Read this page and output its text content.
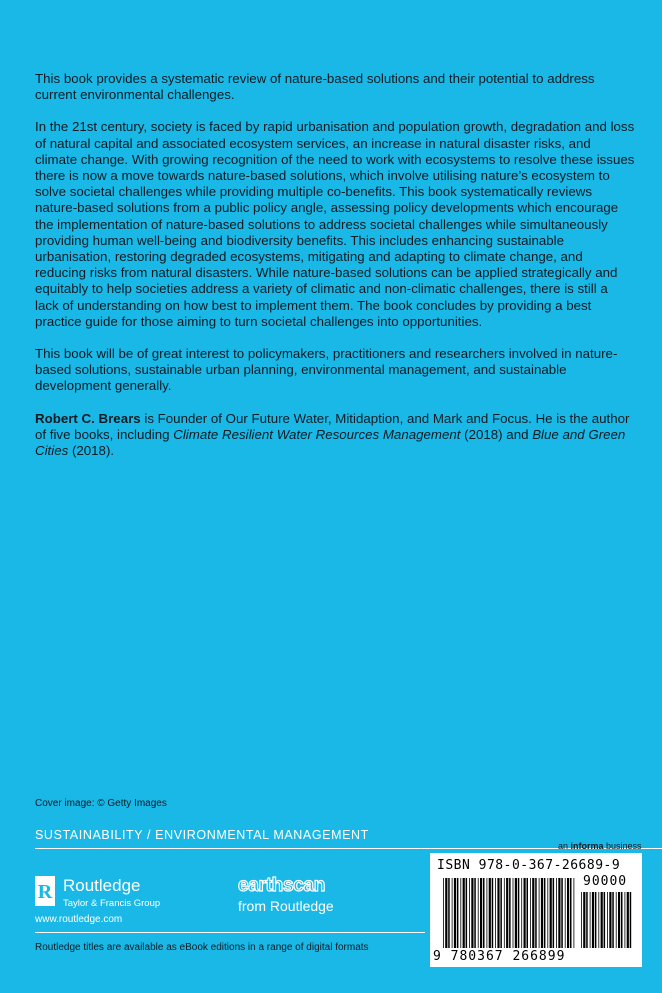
This book provides a systematic review of nature-based solutions and their potential to address current environmental challenges.

In the 21st century, society is faced by rapid urbanisation and population growth, degradation and loss of natural capital and associated ecosystem services, an increase in natural disaster risks, and climate change. With growing recognition of the need to work with ecosystems to resolve these issues there is now a move towards nature-based solutions, which involve utilising nature’s ecosystem to solve societal challenges while providing multiple co-benefits. This book systematically reviews nature-based solutions from a public policy angle, assessing policy developments which encourage the implementation of nature-based solutions to address societal challenges while simultaneously providing human well-being and biodiversity benefits. This includes enhancing sustainable urbanisation, restoring degraded ecosystems, mitigating and adapting to climate change, and reducing risks from natural disasters. While nature-based solutions can be applied strategically and equitably to help societies address a variety of climatic and non-climatic challenges, there is still a lack of understanding on how best to implement them. The book concludes by providing a best practice guide for those aiming to turn societal challenges into opportunities.

This book will be of great interest to policymakers, practitioners and researchers involved in nature-based solutions, sustainable urban planning, environmental management, and sustainable development generally.

Robert C. Brears is Founder of Our Future Water, Mitidaption, and Mark and Focus. He is the author of five books, including Climate Resilient Water Resources Management (2018) and Blue and Green Cities (2018).

Cover image: © Getty Images
SUSTAINABILITY / ENVIRONMENTAL MANAGEMENT
an informa business
ISBN 978-0-367-26689-9
90000
9 780367 266899
R Routledge
Taylor & Francis Group
www.routledge.com
earthscan
from Routledge
Routledge titles are available as eBook editions in a range of digital formats
